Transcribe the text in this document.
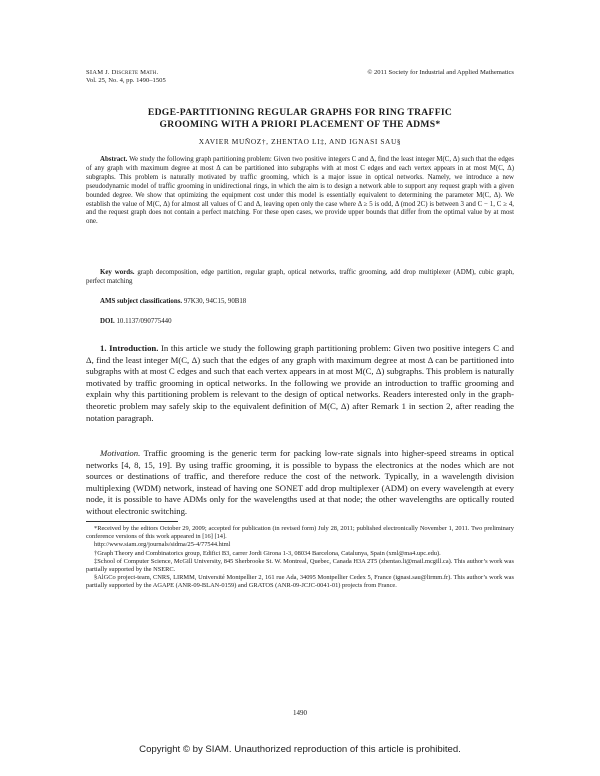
SIAM J. Discrete Math.
Vol. 25, No. 4, pp. 1490–1505
© 2011 Society for Industrial and Applied Mathematics
EDGE-PARTITIONING REGULAR GRAPHS FOR RING TRAFFIC
GROOMING WITH A PRIORI PLACEMENT OF THE ADMS*
XAVIER MUÑOZ†, ZHENTAO LI‡, AND IGNASI SAU§

Abstract. We study the following graph partitioning problem: Given two positive integers C and Δ, find the least integer M(C, Δ) such that the edges of any graph with maximum degree at most Δ can be partitioned into subgraphs with at most C edges and each vertex appears in at most M(C, Δ) subgraphs. This problem is naturally motivated by traffic grooming, which is a major issue in optical networks. Namely, we introduce a new pseudodynamic model of traffic grooming in unidirectional rings, in which the aim is to design a network able to support any request graph with a given bounded degree. We show that optimizing the equipment cost under this model is essentially equivalent to determining the parameter M(C, Δ). We establish the value of M(C, Δ) for almost all values of C and Δ, leaving open only the case where Δ ≥ 5 is odd, Δ (mod 2C) is between 3 and C − 1, C ≥ 4, and the request graph does not contain a perfect matching. For these open cases, we provide upper bounds that differ from the optimal value by at most one.

Key words. graph decomposition, edge partition, regular graph, optical networks, traffic grooming, add drop multiplexer (ADM), cubic graph, perfect matching

AMS subject classifications. 97K30, 94C15, 90B18

DOI. 10.1137/090775440

1. Introduction. In this article we study the following graph partitioning problem: Given two positive integers C and Δ, find the least integer M(C, Δ) such that the edges of any graph with maximum degree at most Δ can be partitioned into subgraphs with at most C edges and such that each vertex appears in at most M(C, Δ) subgraphs. This problem is naturally motivated by traffic grooming in optical networks. In the following we provide an introduction to traffic grooming and explain why this partitioning problem is relevant to the design of optical networks. Readers interested only in the graph-theoretic problem may safely skip to the equivalent definition of M(C, Δ) after Remark 1 in section 2, after reading the notation paragraph.

Motivation. Traffic grooming is the generic term for packing low-rate signals into higher-speed streams in optical networks [4, 8, 15, 19]. By using traffic grooming, it is possible to bypass the electronics at the nodes which are not sources or destinations of traffic, and therefore reduce the cost of the network. Typically, in a wavelength division multiplexing (WDM) network, instead of having one SONET add drop multiplexer (ADM) on every wavelength at every node, it is possible to have ADMs only for the wavelengths used at that node; the other wavelengths are optically routed without electronic switching.

*Received by the editors October 29, 2009; accepted for publication (in revised form) July 28, 2011; published electronically November 1, 2011. Two preliminary conference versions of this work appeared in [16] [14].

http://www.siam.org/journals/sidma/25-4/77544.html

†Graph Theory and Combinatorics group, Edifici B3, carrer Jordi Girona 1-3, 08034 Barcelona, Catalunya, Spain (xml@ma4.upc.edu).

‡School of Computer Science, McGill University, 845 Sherbrooke St. W. Montreal, Quebec, Canada H3A 2T5 (zhentao.li@mail.mcgill.ca). This author’s work was partially supported by the NSERC.

§AlGCo project-team, CNRS, LIRMM, Université Montpellier 2, 161 rue Ada, 34095 Montpellier Cedex 5, France (ignasi.sau@lirmm.fr). This author’s work was partially supported by the AGAPE (ANR-09-BLAN-0159) and GRATOS (ANR-09-JCJC-0041-01) projects from France.

1490
Copyright © by SIAM. Unauthorized reproduction of this article is prohibited.
